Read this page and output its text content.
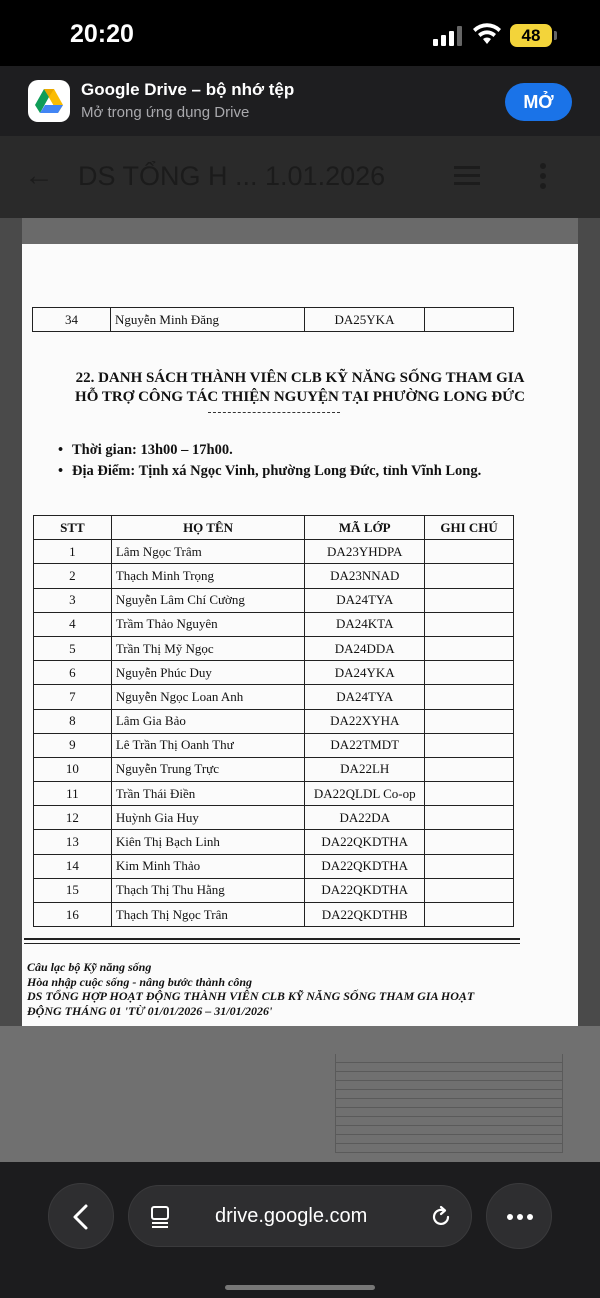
20:20	48
Google Drive – bộ nhớ tệp
Mở trong ứng dụng Drive
MỞ
← DS TỔNG H ... 1.01.2026
34	Nguyễn Minh Đăng	DA25YKA	
22. DANH SÁCH THÀNH VIÊN CLB KỸ NĂNG SỐNG THAM GIA
HỖ TRỢ CÔNG TÁC THIỆN NGUYỆN TẠI PHƯỜNG LONG ĐỨC
• Thời gian: 13h00 – 17h00.
• Địa Điểm: Tịnh xá Ngọc Vinh, phường Long Đức, tỉnh Vĩnh Long.
STT	HỌ TÊN	MÃ LỚP	GHI CHÚ
1	Lâm Ngọc Trâm	DA23YHDPA	
2	Thạch Minh Trọng	DA23NNAD	
3	Nguyễn Lâm Chí Cường	DA24TYA	
4	Trầm Thảo Nguyên	DA24KTA	
5	Trần Thị Mỹ Ngọc	DA24DDA	
6	Nguyễn Phúc Duy	DA24YKA	
7	Nguyễn Ngọc Loan Anh	DA24TYA	
8	Lâm Gia Bảo	DA22XYHA	
9	Lê Trần Thị Oanh Thư	DA22TMDT	
10	Nguyễn Trung Trực	DA22LH	
11	Trần Thái Điền	DA22QLDL Co-op	
12	Huỳnh Gia Huy	DA22DA	
13	Kiên Thị Bạch Linh	DA22QKDTHA	
14	Kim Minh Thảo	DA22QKDTHA	
15	Thạch Thị Thu Hằng	DA22QKDTHA	
16	Thạch Thị Ngọc Trân	DA22QKDTHB	
Câu lạc bộ Kỹ năng sống
Hòa nhập cuộc sống - nâng bước thành công
DS TỔNG HỢP HOẠT ĐỘNG THÀNH VIÊN CLB KỸ NĂNG SỐNG THAM GIA HOẠT
ĐỘNG THÁNG 01 'TỪ 01/01/2026 – 31/01/2026'
drive.google.com
